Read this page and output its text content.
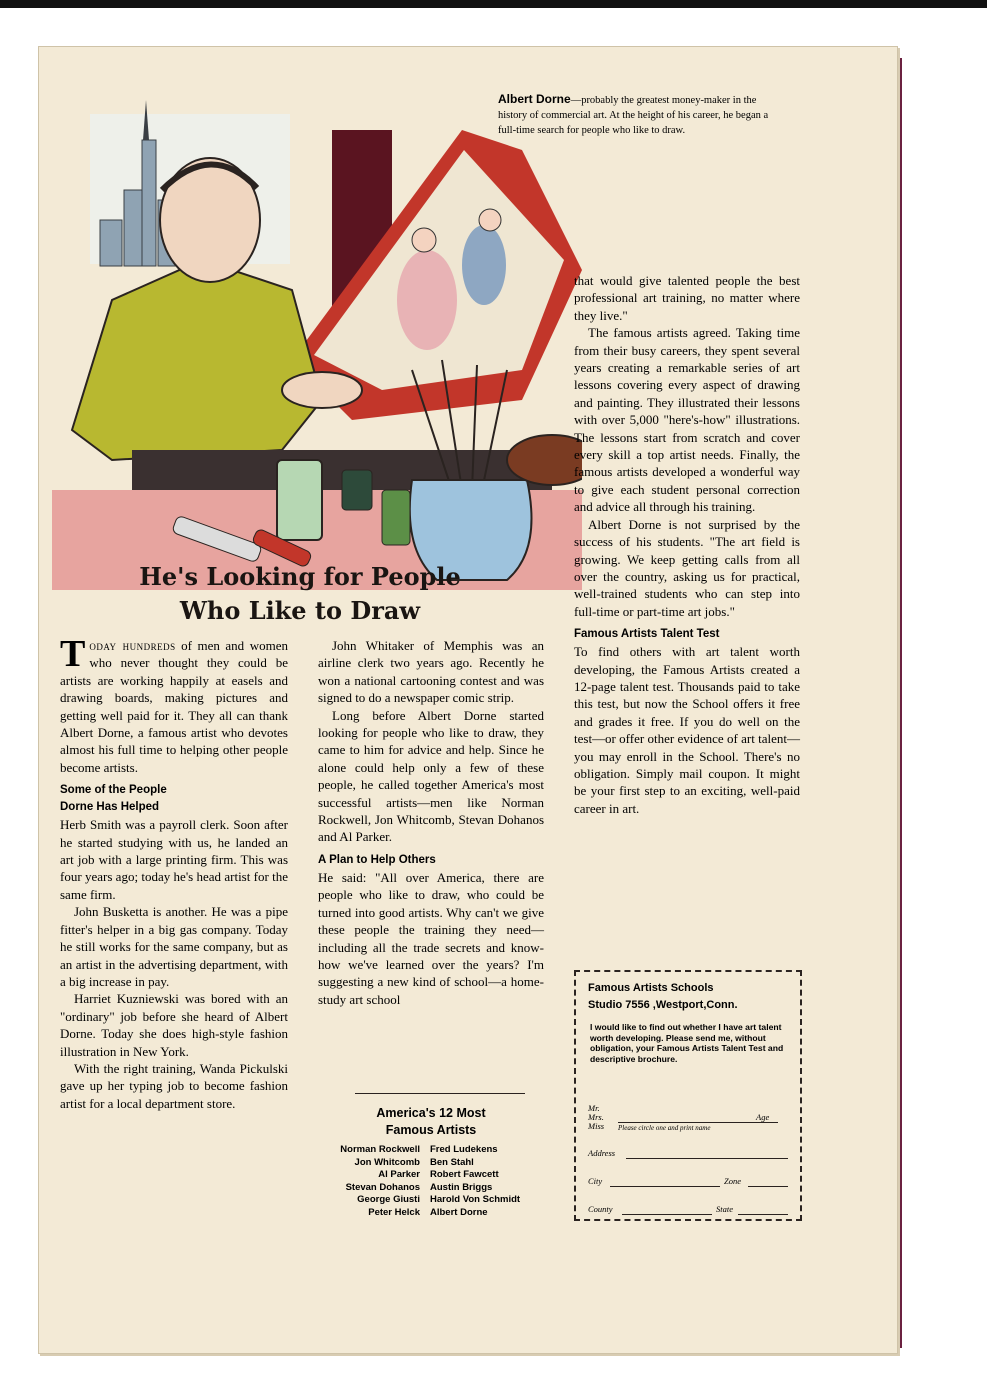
Albert Dorne—probably the greatest money-maker in the history of commercial art. At the height of his career, he began a full-time search for people who like to draw.
He's Looking for People
Who Like to Draw

Today hundreds of men and women who never thought they could be artists are working happily at easels and drawing boards, making pictures and getting well paid for it. They all can thank Albert Dorne, a famous artist who devotes almost his full time to helping other people become artists.

Some of the People
Dorne Has Helped

Herb Smith was a payroll clerk. Soon after he started studying with us, he landed an art job with a large printing firm. This was four years ago; today he's head artist for the same firm.

John Busketta is another. He was a pipe fitter's helper in a big gas company. Today he still works for the same company, but as an artist in the advertising department, with a big increase in pay.

Harriet Kuzniewski was bored with an "ordinary" job before she heard of Albert Dorne. Today she does high-style fashion illustration in New York.

With the right training, Wanda Pickulski gave up her typing job to become fashion artist for a local department store.

John Whitaker of Memphis was an airline clerk two years ago. Recently he won a national cartooning contest and was signed to do a newspaper comic strip.

Long before Albert Dorne started looking for people who like to draw, they came to him for advice and help. Since he alone could help only a few of these people, he called together America's most successful artists—men like Norman Rockwell, Jon Whitcomb, Stevan Dohanos and Al Parker.

A Plan to Help Others

He said: "All over America, there are people who like to draw, who could be turned into good artists. Why can't we give these people the training they need—including all the trade secrets and know-how we've learned over the years? I'm suggesting a new kind of school—a home-study art school

America's 12 Most
Famous Artists
Norman Rockwell Fred Ludekens
Jon Whitcomb Ben Stahl
Al Parker Robert Fawcett
Stevan Dohanos Austin Briggs
George Giusti Harold Von Schmidt
Peter Helck Albert Dorne

that would give talented people the best professional art training, no matter where they live."

The famous artists agreed. Taking time from their busy careers, they spent several years creating a remarkable series of art lessons covering every aspect of drawing and painting. They illustrated their lessons with over 5,000 "here's-how" illustrations. The lessons start from scratch and cover every skill a top artist needs. Finally, the famous artists developed a wonderful way to give each student personal correction and advice all through his training.

Albert Dorne is not surprised by the success of his students. "The art field is growing. We keep getting calls from all over the country, asking us for practical, well-trained students who can step into full-time or part-time art jobs."

Famous Artists Talent Test

To find others with art talent worth developing, the Famous Artists created a 12-page talent test. Thousands paid to take this test, but now the School offers it free and grades it free. If you do well on the test—or offer other evidence of art talent—you may enroll in the School. There's no obligation. Simply mail coupon. It might be your first step to an exciting, well-paid career in art.

Famous Artists Schools
Studio 7556 ,Westport,Conn.
I would like to find out whether I have art talent worth developing. Please send me, without obligation, your Famous Artists Talent Test and descriptive brochure.
Mr. Mrs. Miss
Age
Please circle one and print name
Address
City	Zone
County	State
